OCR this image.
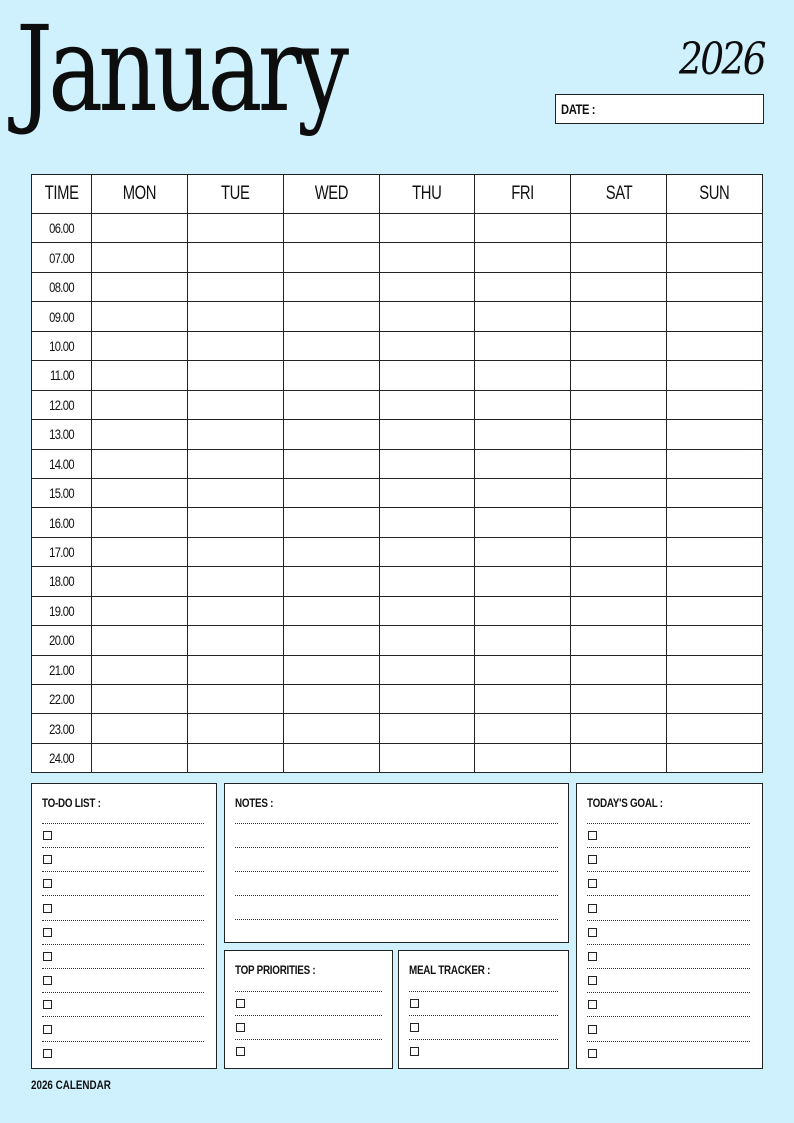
January	2026
DATE :
TIME	MON	TUE	WED	THU	FRI	SAT	SUN
06.00							
07.00							
08.00							
09.00							
10.00							
11.00							
12.00							
13.00							
14.00							
15.00							
16.00							
17.00							
18.00							
19.00							
20.00							
21.00							
22.00							
23.00							
24.00							
TO-DO LIST :	NOTES :	TODAY'S GOAL :
TOP PRIORITIES :	MEAL TRACKER :
2026 CALENDAR
